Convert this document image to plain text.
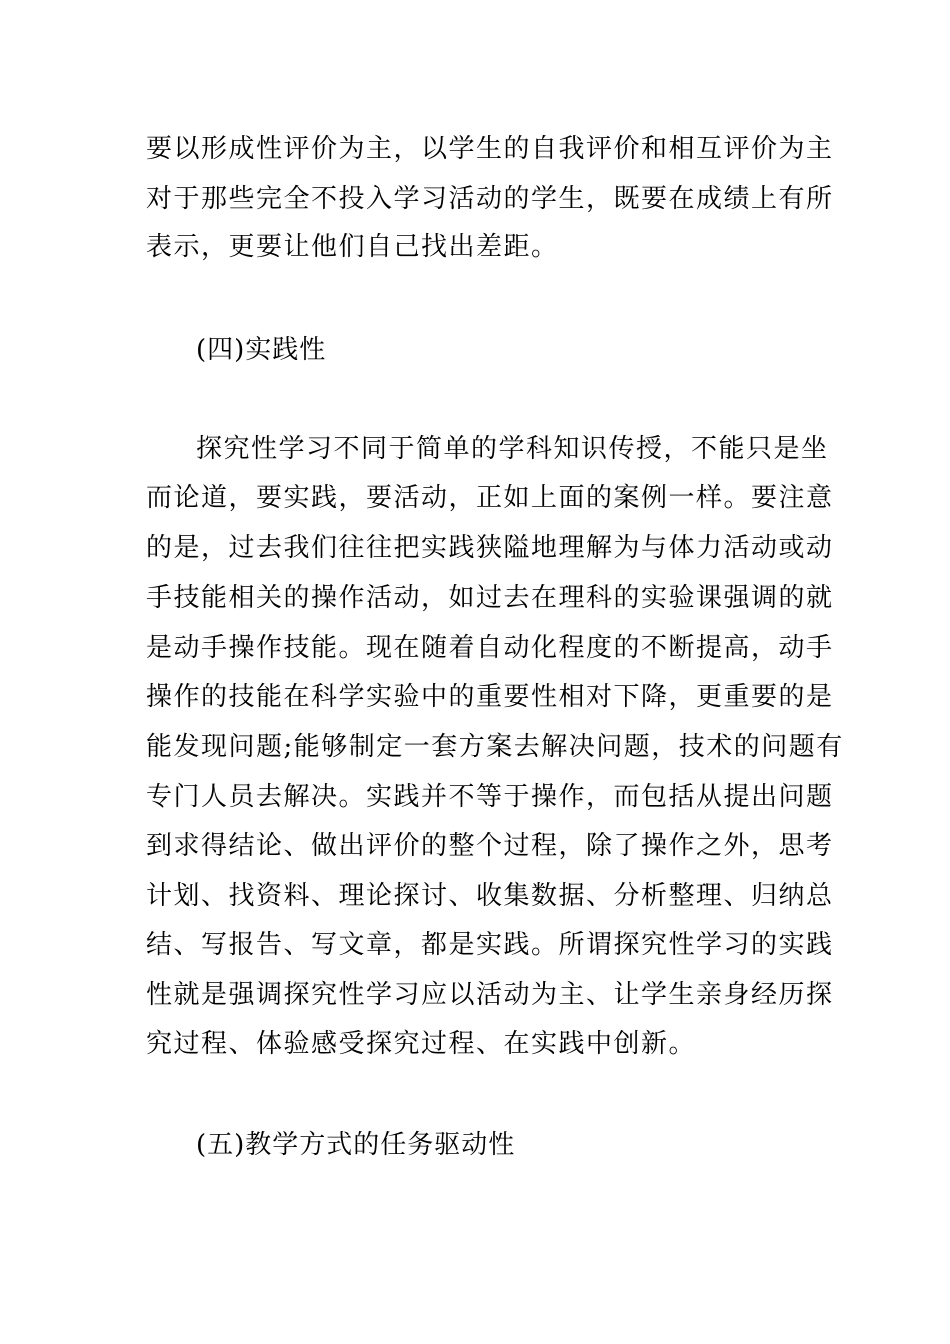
要以形成性评价为主，以学生的自我评价和相互评价为主
对于那些完全不投入学习活动的学生，既要在成绩上有所
表示，更要让他们自己找出差距。
(四)实践性
探究性学习不同于简单的学科知识传授，不能只是坐
而论道，要实践，要活动，正如上面的案例一样。要注意
的是，过去我们往往把实践狭隘地理解为与体力活动或动
手技能相关的操作活动，如过去在理科的实验课强调的就
是动手操作技能。现在随着自动化程度的不断提高，动手
操作的技能在科学实验中的重要性相对下降，更重要的是
能发现问题;能够制定一套方案去解决问题，技术的问题有
专门人员去解决。实践并不等于操作，而包括从提出问题
到求得结论、做出评价的整个过程，除了操作之外，思考
计划、找资料、理论探讨、收集数据、分析整理、归纳总
结、写报告、写文章，都是实践。所谓探究性学习的实践
性就是强调探究性学习应以活动为主、让学生亲身经历探
究过程、体验感受探究过程、在实践中创新。
(五)教学方式的任务驱动性
